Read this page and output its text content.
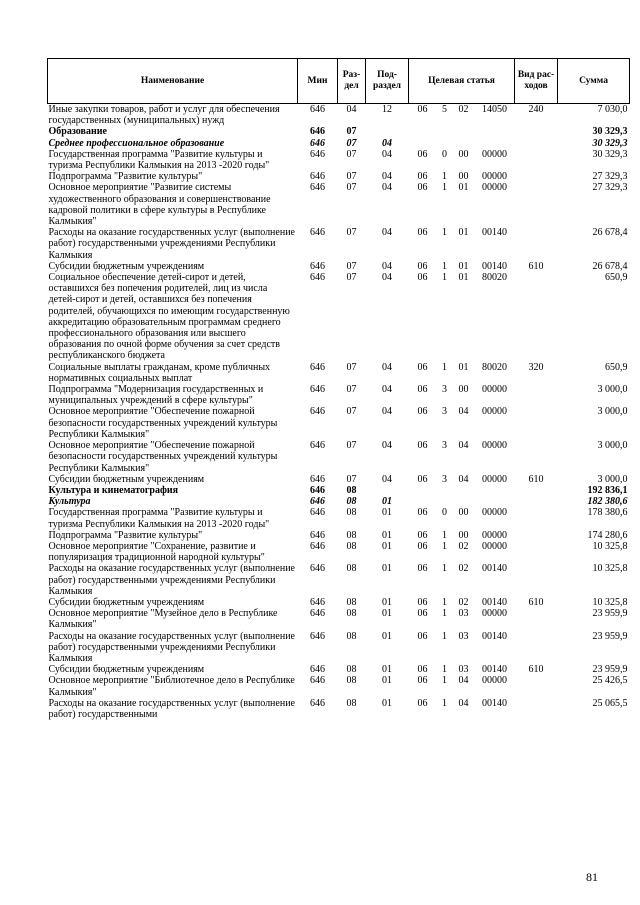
Наименование	Мин	Раз-дел	Под-раздел	Целевая статья				Вид рас-ходов	Сумма
Иные закупки товаров, работ и услуг для обеспечения государственных (муниципальных) нужд	646	04	12	06	5	02	14050	240	7 030,0
Образование	646	07							30 329,3
Среднее профессиональное образование	646	07	04						30 329,3
Государственная программа "Развитие культуры и туризма Республики Калмыкия на 2013 -2020 годы"	646	07	04	06	0	00	00000		30 329,3
Подпрограмма "Развитие культуры"	646	07	04	06	1	00	00000		27 329,3
Основное мероприятие "Развитие системы художественного образования и совершенствование кадровой политики в сфере культуры в Республике Калмыкия"	646	07	04	06	1	01	00000		27 329,3
Расходы на оказание государственных услуг (выполнение работ) государственными учреждениями Республики Калмыкия	646	07	04	06	1	01	00140		26 678,4
Субсидии бюджетным учреждениям	646	07	04	06	1	01	00140	610	26 678,4
Социальное обеспечение детей-сирот и детей, оставшихся без попечения родителей, лиц из числа детей-сирот и детей, оставшихся без попечения родителей, обучающихся по имеющим государственную аккредитацию образовательным программам среднего профессионального образования или высшего образования по очной форме обучения за счет средств республиканского бюджета	646	07	04	06	1	01	80020		650,9
Социальные выплаты гражданам, кроме публичных нормативных социальных выплат	646	07	04	06	1	01	80020	320	650,9
Подпрограмма "Модернизация государственных и муниципальных учреждений в сфере культуры"	646	07	04	06	3	00	00000		3 000,0
Основное мероприятие "Обеспечение пожарной безопасности государственных учреждений культуры Республики Калмыкия"	646	07	04	06	3	04	00000		3 000,0
Основное мероприятие "Обеспечение пожарной безопасности государственных учреждений культуры Республики Калмыкия"	646	07	04	06	3	04	00000		3 000,0
Субсидии бюджетным учреждениям	646	07	04	06	3	04	00000	610	3 000,0
Культура и кинематография	646	08							192 836,1
Культура	646	08	01						182 380,6
Государственная программа "Развитие культуры и туризма Республики Калмыкия на 2013 -2020 годы"	646	08	01	06	0	00	00000		178 380,6
Подпрограмма "Развитие культуры"	646	08	01	06	1	00	00000		174 280,6
Основное мероприятие "Сохранение, развитие и популяризация традиционной народной культуры"	646	08	01	06	1	02	00000		10 325,8
Расходы на оказание государственных услуг (выполнение работ) государственными учреждениями Республики Калмыкия	646	08	01	06	1	02	00140		10 325,8
Субсидии бюджетным учреждениям	646	08	01	06	1	02	00140	610	10 325,8
Основное мероприятие "Музейное дело в Республике Калмыкия"	646	08	01	06	1	03	00000		23 959,9
Расходы на оказание государственных услуг (выполнение работ) государственными учреждениями Республики Калмыкия	646	08	01	06	1	03	00140		23 959,9
Субсидии бюджетным учреждениям	646	08	01	06	1	03	00140	610	23 959,9
Основное мероприятие "Библиотечное дело в Республике Калмыкия"	646	08	01	06	1	04	00000		25 426,5
Расходы на оказание государственных услуг (выполнение работ) государственными	646	08	01	06	1	04	00140		25 065,5
81
